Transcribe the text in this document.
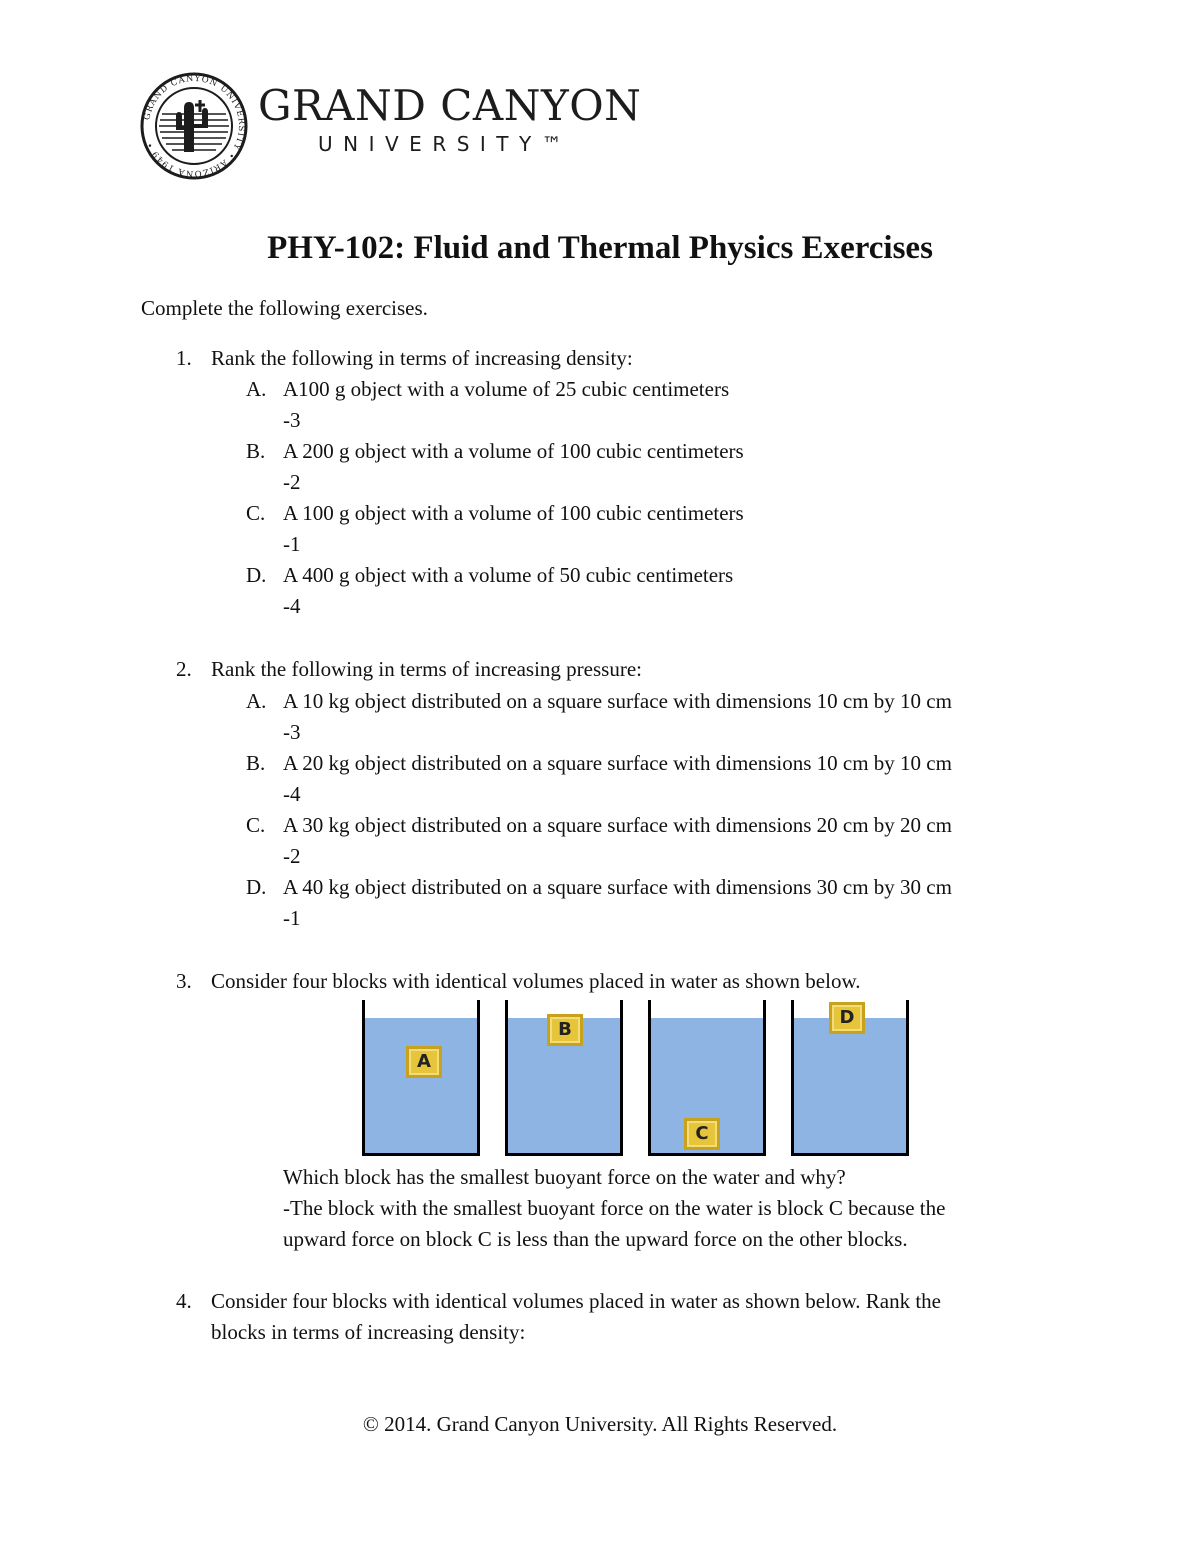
GRAND CANYON UNIVERSITY • ARIZONA 1949 •
GRAND CANYON
UNIVERSITY™
PHY-102: Fluid and Thermal Physics Exercises
Complete the following exercises.
1. Rank the following in terms of increasing density:
A. A100 g object with a volume of 25 cubic centimeters
-3
B. A 200 g object with a volume of 100 cubic centimeters
-2
C. A 100 g object with a volume of 100 cubic centimeters
-1
D. A 400 g object with a volume of 50 cubic centimeters
-4
2. Rank the following in terms of increasing pressure:
A. A 10 kg object distributed on a square surface with dimensions 10 cm by 10 cm
-3
B. A 20 kg object distributed on a square surface with dimensions 10 cm by 10 cm
-4
C. A 30 kg object distributed on a square surface with dimensions 20 cm by 20 cm
-2
D. A 40 kg object distributed on a square surface with dimensions 30 cm by 30 cm
-1
3. Consider four blocks with identical volumes placed in water as shown below.
A
B
C
D
Which block has the smallest buoyant force on the water and why?
-The block with the smallest buoyant force on the water is block C because the
upward force on block C is less than the upward force on the other blocks.
4. Consider four blocks with identical volumes placed in water as shown below. Rank the
blocks in terms of increasing density:
© 2014. Grand Canyon University. All Rights Reserved.
